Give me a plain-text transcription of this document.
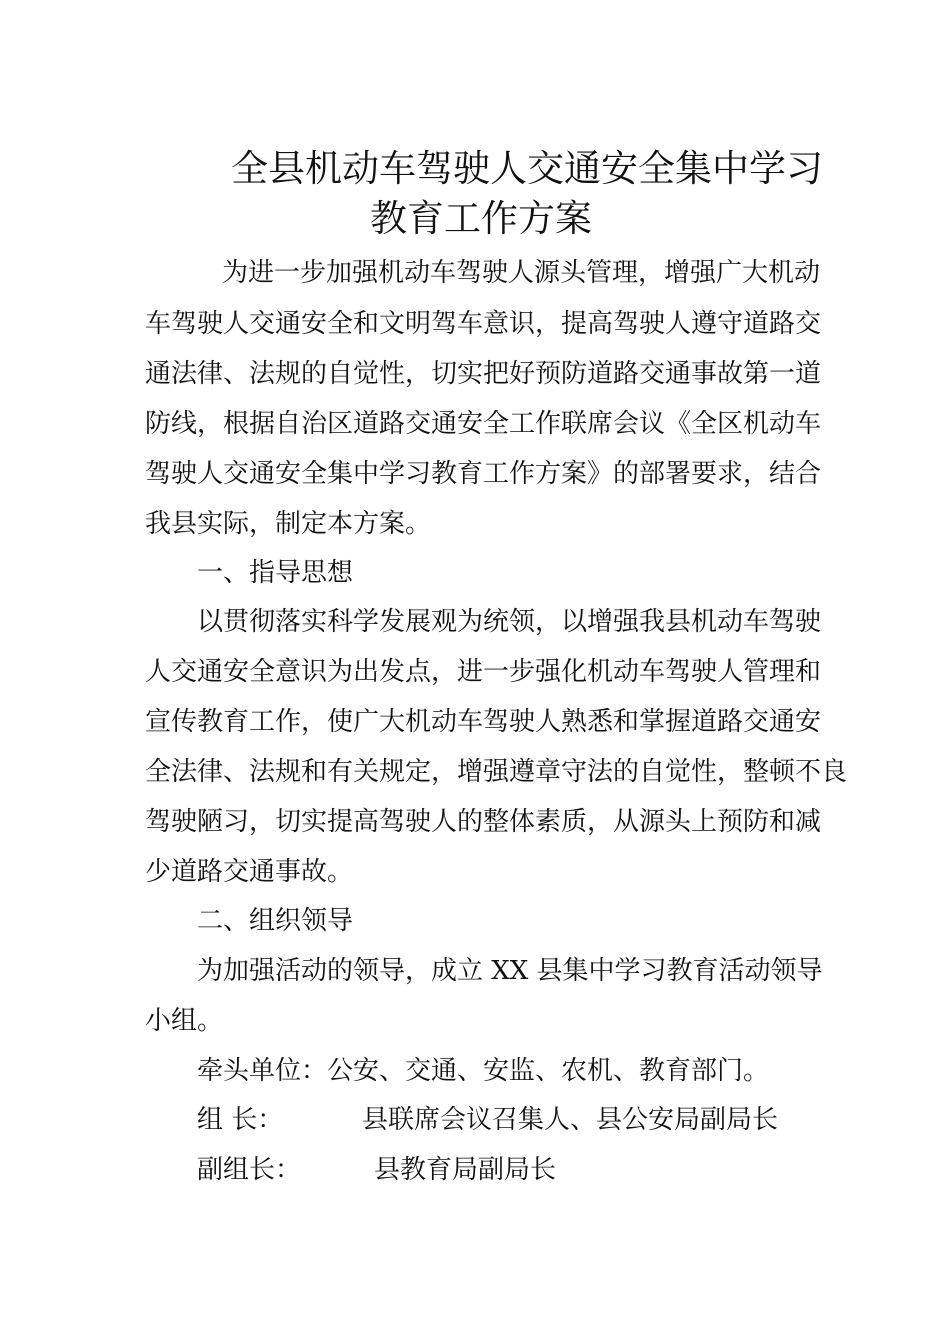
全县机动车驾驶人交通安全集中学习
教育工作方案
为进一步加强机动车驾驶人源头管理，增强广大机动
车驾驶人交通安全和文明驾车意识，提高驾驶人遵守道路交
通法律、法规的自觉性，切实把好预防道路交通事故第一道
防线，根据自治区道路交通安全工作联席会议《全区机动车
驾驶人交通安全集中学习教育工作方案》的部署要求，结合
我县实际，制定本方案。
一、指导思想
以贯彻落实科学发展观为统领，以增强我县机动车驾驶
人交通安全意识为出发点，进一步强化机动车驾驶人管理和
宣传教育工作，使广大机动车驾驶人熟悉和掌握道路交通安
全法律、法规和有关规定，增强遵章守法的自觉性，整顿不良
驾驶陋习，切实提高驾驶人的整体素质，从源头上预防和减
少道路交通事故。
二、组织领导
为加强活动的领导，成立 XX 县集中学习教育活动领导
小组。
牵头单位：公安、交通、安监、农机、教育部门。
组 长：	县联席会议召集人、县公安局副局长
副组长：	县教育局副局长
